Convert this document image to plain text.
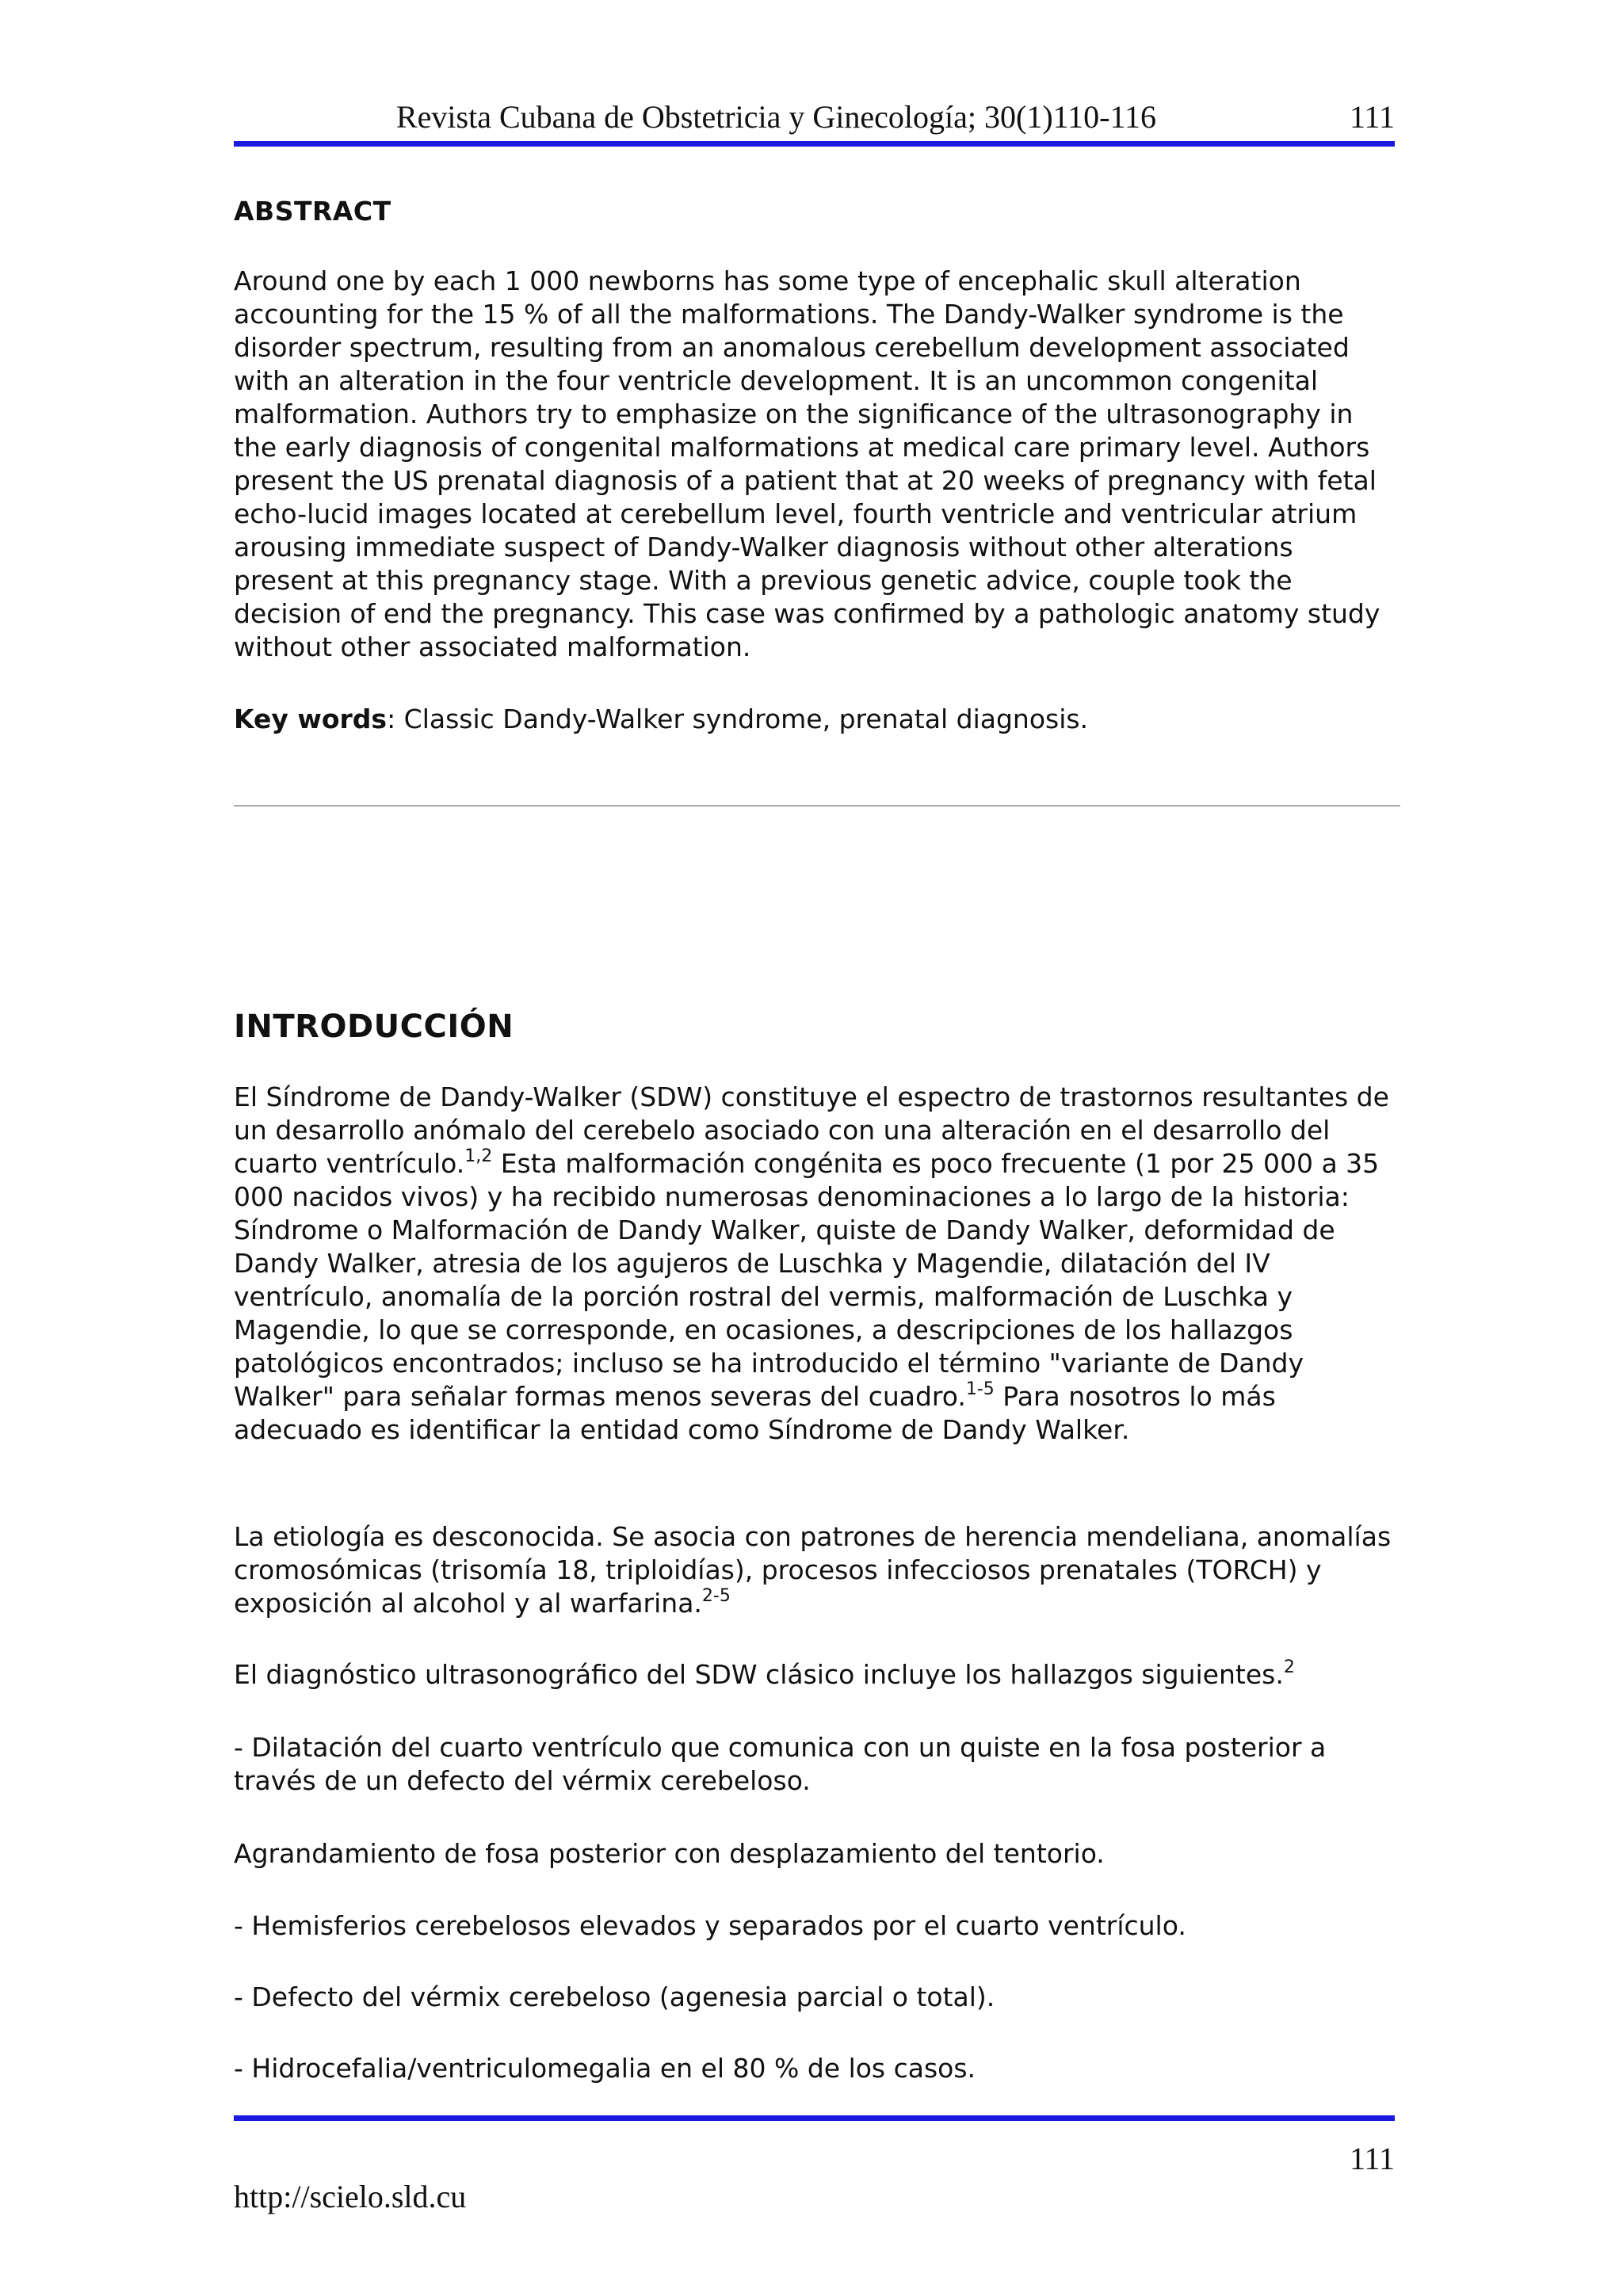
Revista Cubana de Obstetricia y Ginecología; 30(1)110-116	111
ABSTRACT

Around one by each 1 000 newborns has some type of encephalic skull alteration accounting for the 15 % of all the malformations. The Dandy-Walker syndrome is the disorder spectrum, resulting from an anomalous cerebellum development associated with an alteration in the four ventricle development. It is an uncommon congenital malformation. Authors try to emphasize on the significance of the ultrasonography in the early diagnosis of congenital malformations at medical care primary level. Authors present the US prenatal diagnosis of a patient that at 20 weeks of pregnancy with fetal echo-lucid images located at cerebellum level, fourth ventricle and ventricular atrium arousing immediate suspect of Dandy-Walker diagnosis without other alterations present at this pregnancy stage. With a previous genetic advice, couple took the decision of end the pregnancy. This case was confirmed by a pathologic anatomy study without other associated malformation.

Key words: Classic Dandy-Walker syndrome, prenatal diagnosis.

INTRODUCCIÓN

El Síndrome de Dandy-Walker (SDW) constituye el espectro de trastornos resultantes de un desarrollo anómalo del cerebelo asociado con una alteración en el desarrollo del cuarto ventrículo.$^{1,2}$ Esta malformación congénita es poco frecuente (1 por 25 000 a 35 000 nacidos vivos) y ha recibido numerosas denominaciones a lo largo de la historia: Síndrome o Malformación de Dandy Walker, quiste de Dandy Walker, deformidad de Dandy Walker, atresia de los agujeros de Luschka y Magendie, dilatación del IV ventrículo, anomalía de la porción rostral del vermis, malformación de Luschka y Magendie, lo que se corresponde, en ocasiones, a descripciones de los hallazgos patológicos encontrados; incluso se ha introducido el término "variante de Dandy Walker" para señalar formas menos severas del cuadro.$^{1-5}$ Para nosotros lo más adecuado es identificar la entidad como Síndrome de Dandy Walker.

La etiología es desconocida. Se asocia con patrones de herencia mendeliana, anomalías cromosómicas (trisomía 18, triploidías), procesos infecciosos prenatales (TORCH) y exposición al alcohol y al warfarina.$^{2-5}$

El diagnóstico ultrasonográfico del SDW clásico incluye los hallazgos siguientes.$^2$

- Dilatación del cuarto ventrículo que comunica con un quiste en la fosa posterior a través de un defecto del vérmix cerebeloso.

Agrandamiento de fosa posterior con desplazamiento del tentorio.

- Hemisferios cerebelosos elevados y separados por el cuarto ventrículo.

- Defecto del vérmix cerebeloso (agenesia parcial o total).

- Hidrocefalia/ventriculomegalia en el 80 % de los casos.

111
http://scielo.sld.cu
